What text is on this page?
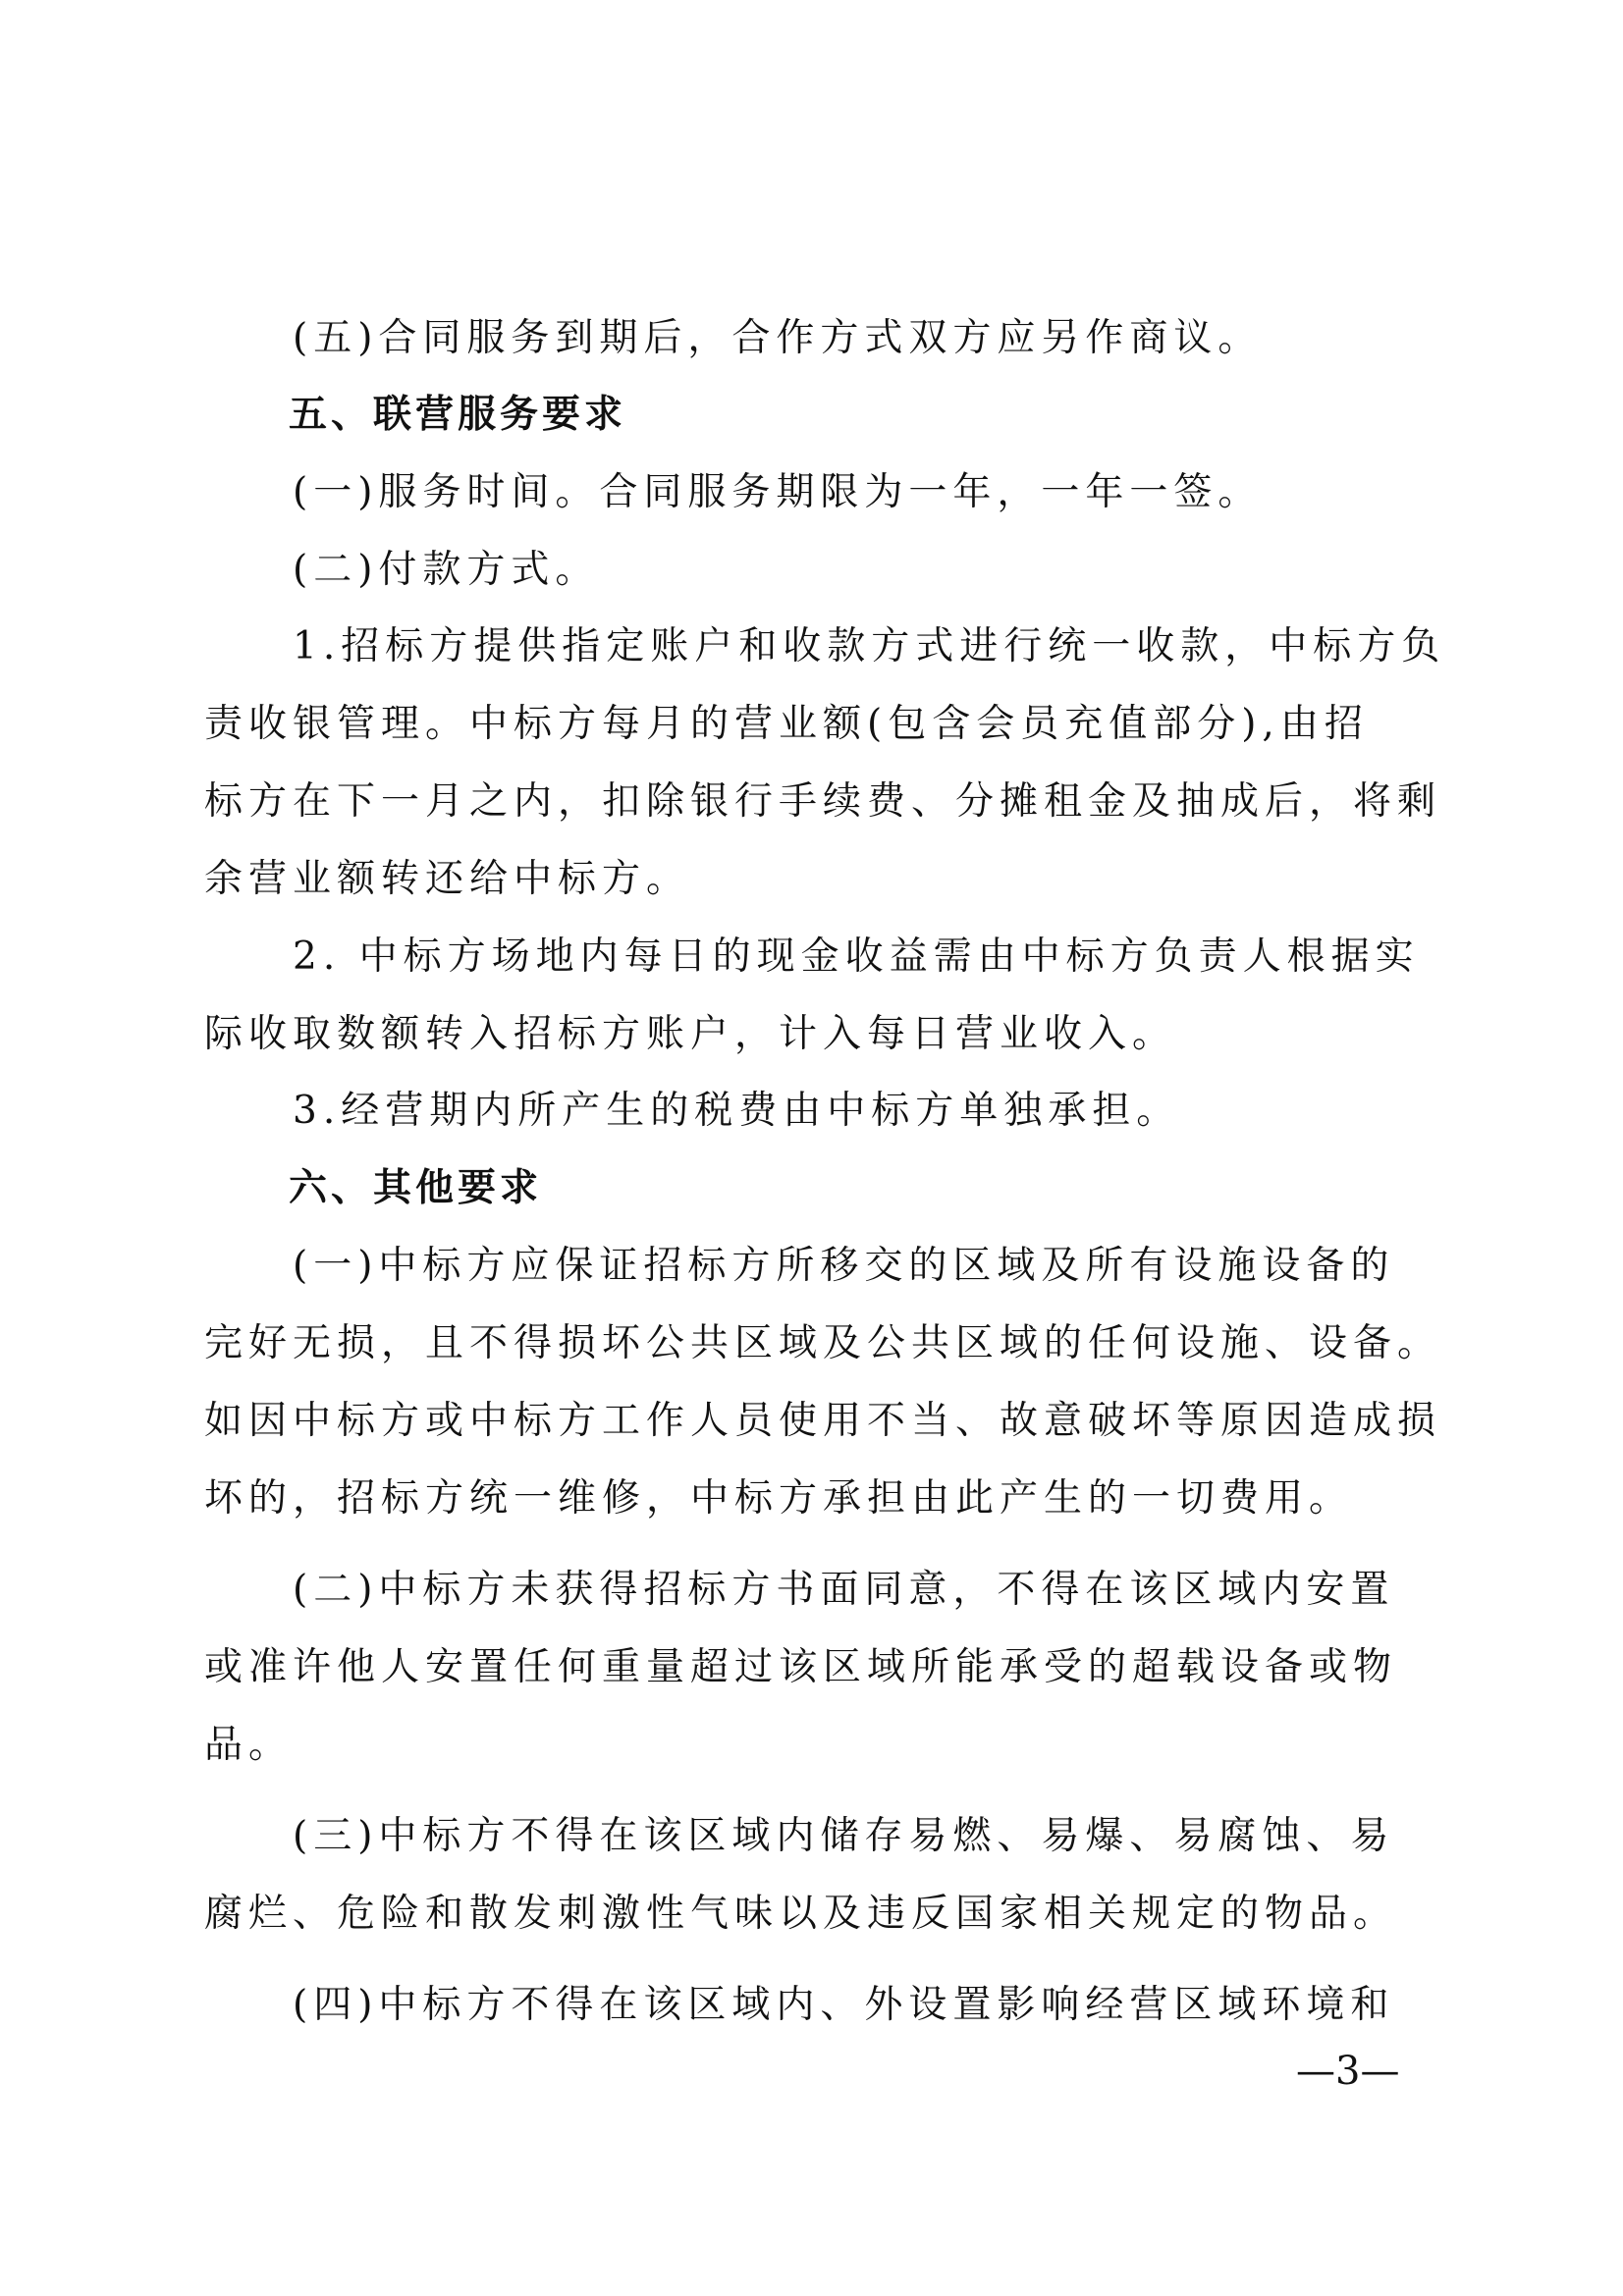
　　(五)合同服务到期后，合作方式双方应另作商议。
　　五、联营服务要求
　　(一)服务时间。合同服务期限为一年，一年一签。
　　(二)付款方式。
　　1.招标方提供指定账户和收款方式进行统一收款，中标方负
责收银管理。中标方每月的营业额(包含会员充值部分),由招
标方在下一月之内，扣除银行手续费、分摊租金及抽成后，将剩
余营业额转还给中标方。
　　2. 中标方场地内每日的现金收益需由中标方负责人根据实
际收取数额转入招标方账户，计入每日营业收入。
　　3.经营期内所产生的税费由中标方单独承担。
　　六、其他要求
　　(一)中标方应保证招标方所移交的区域及所有设施设备的
完好无损，且不得损坏公共区域及公共区域的任何设施、设备。
如因中标方或中标方工作人员使用不当、故意破坏等原因造成损
坏的，招标方统一维修，中标方承担由此产生的一切费用。
　　(二)中标方未获得招标方书面同意，不得在该区域内安置
或准许他人安置任何重量超过该区域所能承受的超载设备或物
品。
　　(三)中标方不得在该区域内储存易燃、易爆、易腐蚀、易
腐烂、危险和散发刺激性气味以及违反国家相关规定的物品。
　　(四)中标方不得在该区域内、外设置影响经营区域环境和
—3—
